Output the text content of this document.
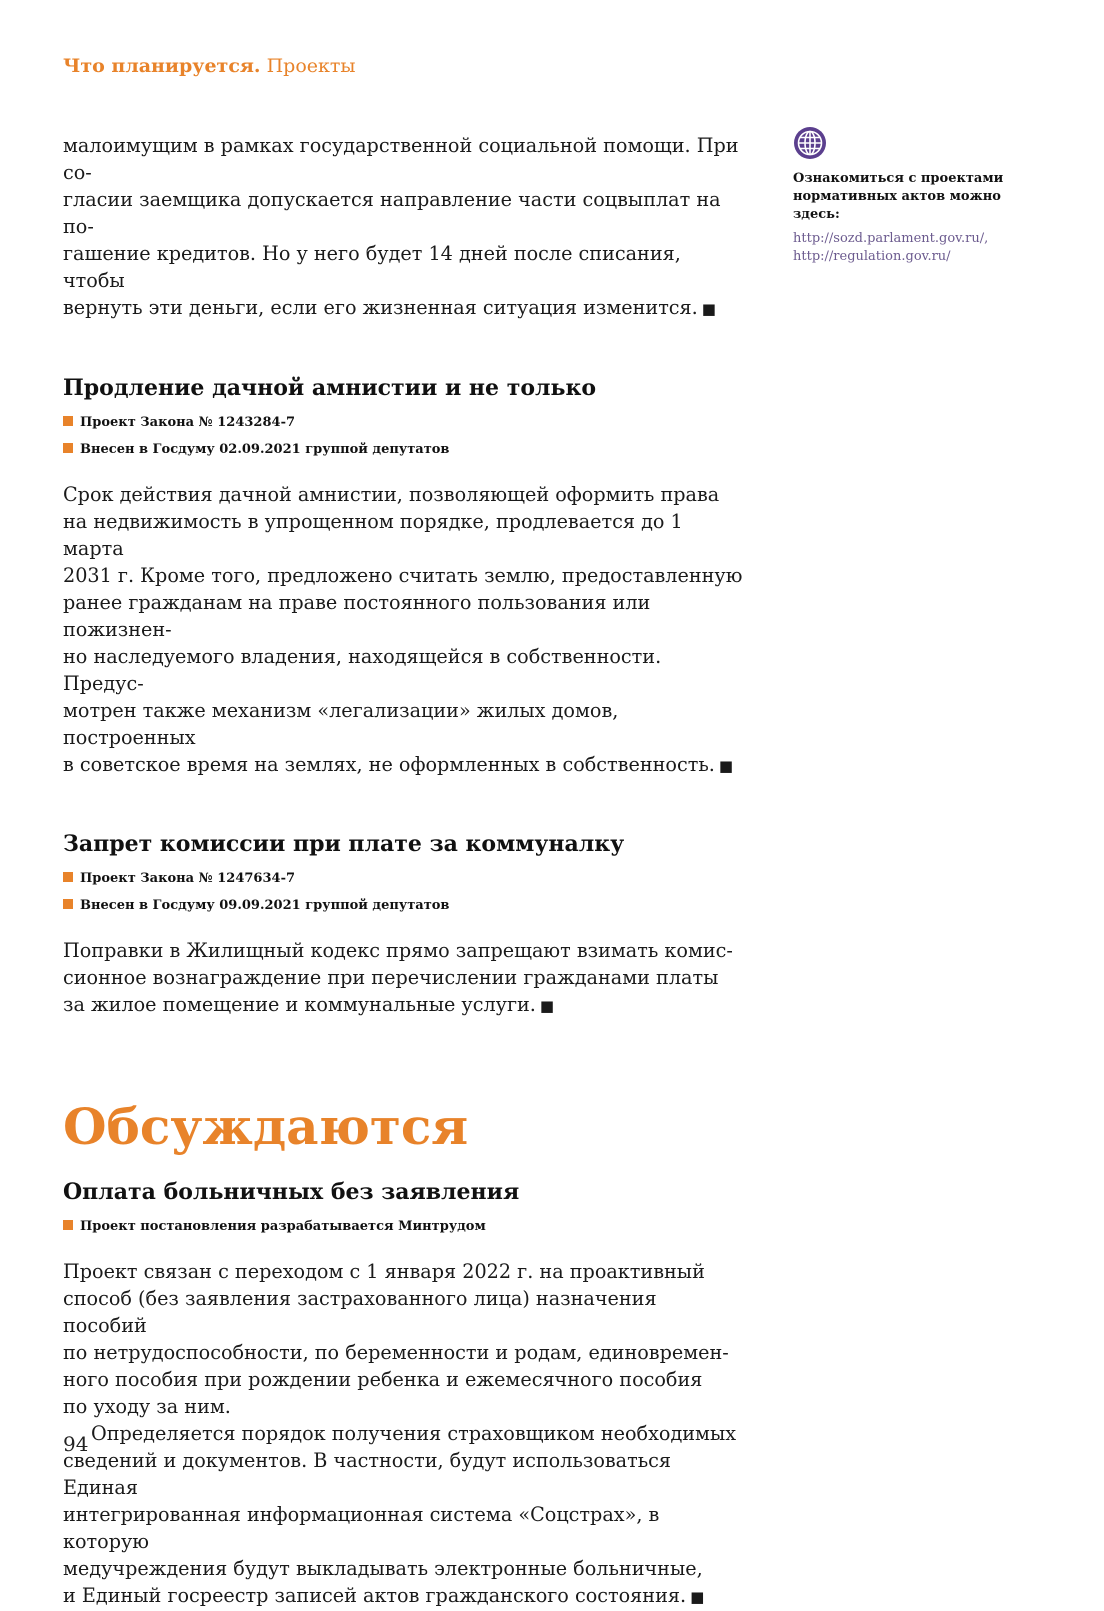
Что планируется. Проекты

малоимущим в рамках государственной социальной помощи. При со-

гласии заемщика допускается направление части соцвыплат на по-

гашение кредитов. Но у него будет 14 дней после списания, чтобы

вернуть эти деньги, если его жизненная ситуация изменится. ■

Продление дачной амнистии и не только

Проект Закона № 1243284-7

Внесен в Госдуму 02.09.2021 группой депутатов

Срок действия дачной амнистии, позволяющей оформить права

на недвижимость в упрощенном порядке, продлевается до 1 марта

2031 г. Кроме того, предложено считать землю, предоставленную

ранее гражданам на праве постоянного пользования или пожизнен-

но наследуемого владения, находящейся в собственности. Предус-

мотрен также механизм «легализации» жилых домов, построенных

в советское время на землях, не оформленных в собственность. ■

Запрет комиссии при плате за коммуналку

Проект Закона № 1247634-7

Внесен в Госдуму 09.09.2021 группой депутатов

Поправки в Жилищный кодекс прямо запрещают взимать комис-

сионное вознаграждение при перечислении гражданами платы

за жилое помещение и коммунальные услуги. ■

Обсуждаются
Оплата больничных без заявления

Проект постановления разрабатывается Минтрудом

Проект связан с переходом с 1 января 2022 г. на проактивный

способ (без заявления застрахованного лица) назначения пособий

по нетрудоспособности, по беременности и родам, единовремен-

ного пособия при рождении ребенка и ежемесячного пособия

по уходу за ним.

Определяется порядок получения страховщиком необходимых

сведений и документов. В частности, будут использоваться Единая

интегрированная информационная система «Соцстрах», в которую

медучреждения будут выкладывать электронные больничные,

и Единый госреестр записей актов гражданского состояния. ■

Ознакомиться с проектами

нормативных актов можно

здесь:

http://sozd.parlament.gov.ru/,

http://regulation.gov.ru/

94
